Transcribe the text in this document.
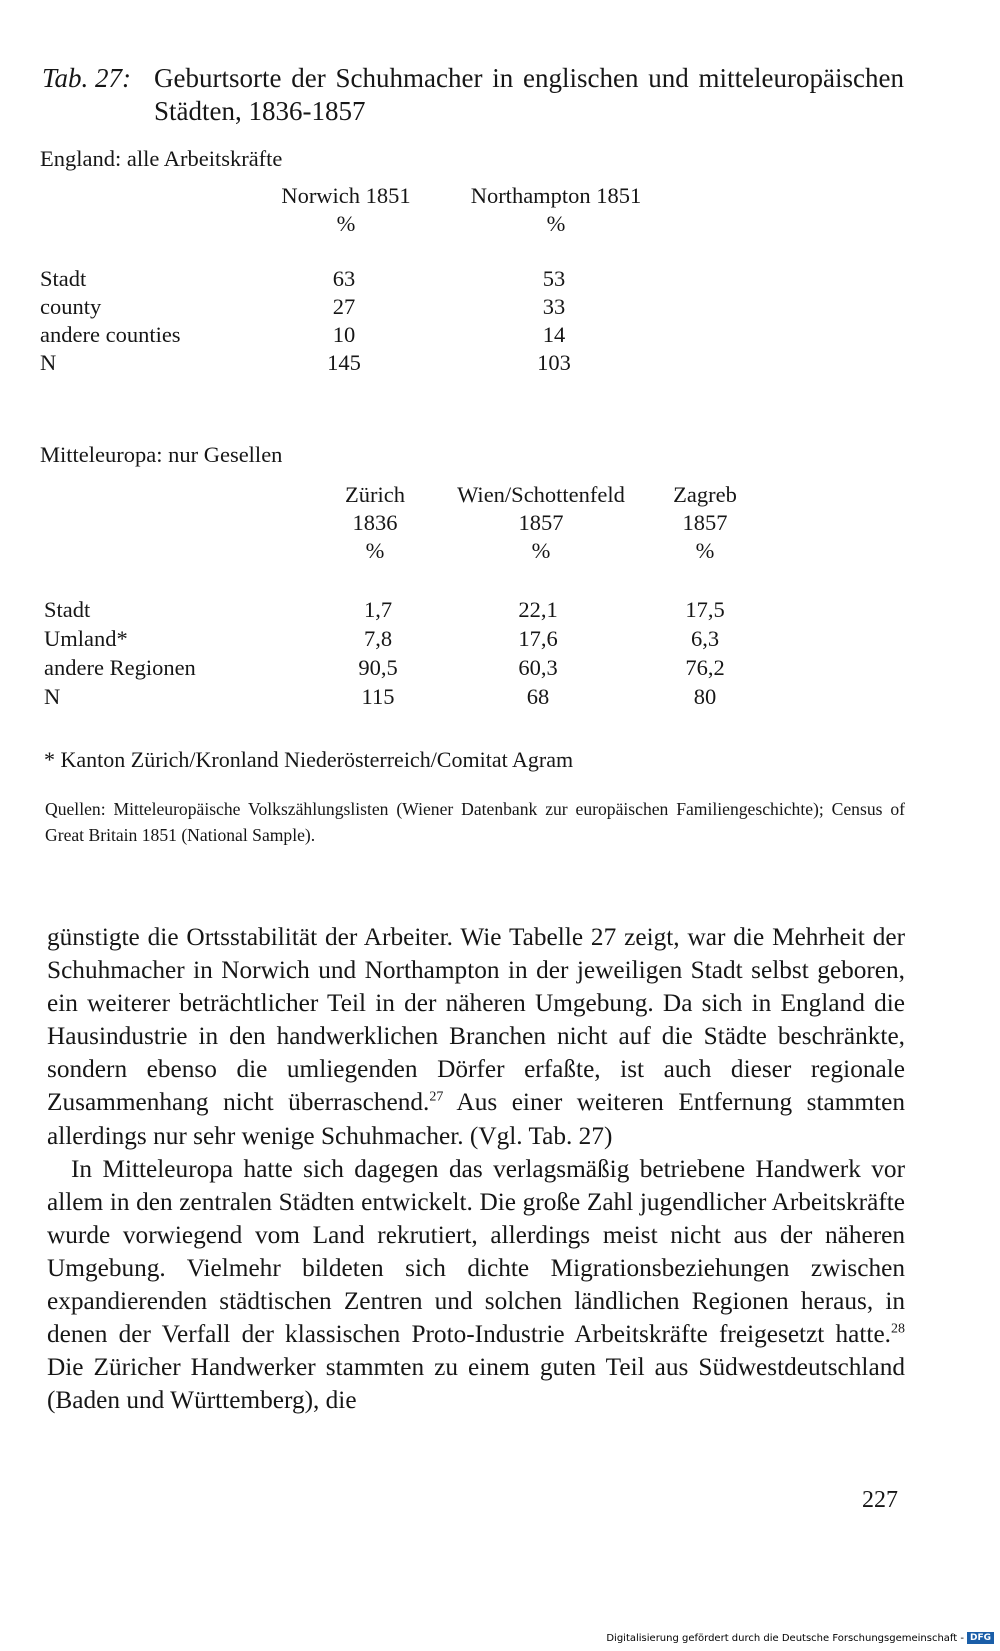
Tab. 27: Geburtsorte der Schuhmacher in englischen und mitteleuropäischen Städten, 1836-1857
England: alle Arbeitskräfte
Norwich 1851	Northampton 1851
%	%
Stadt	63	53
county	27	33
andere counties	10	14
N	145	103
Mitteleuropa: nur Gesellen
Zürich Wien/Schottenfeld Zagreb
1836	1857	1857
%	%	%
Stadt	1,7	22,1	17,5
Umland*	7,8	17,6	6,3
andere Regionen	90,5	60,3	76,2
N	115	68	80
* Kanton Zürich/Kronland Niederösterreich/Comitat Agram
Quellen: Mitteleuropäische Volkszählungslisten (Wiener Datenbank zur europäischen Familiengeschichte); Census of Great Britain 1851 (National Sample).

günstigte die Ortsstabilität der Arbeiter. Wie Tabelle 27 zeigt, war die Mehrheit der Schuhmacher in Norwich und Northampton in der jeweiligen Stadt selbst geboren, ein weiterer beträchtlicher Teil in der näheren Umgebung. Da sich in England die Hausindustrie in den handwerklichen Branchen nicht auf die Städte beschränkte, sondern ebenso die umliegenden Dörfer erfaßte, ist auch dieser regionale Zusammenhang nicht überraschend.$^{27}$ Aus einer weiteren Entfernung stammten allerdings nur sehr wenige Schuhmacher. (Vgl. Tab. 27)

In Mitteleuropa hatte sich dagegen das verlagsmäßig betriebene Handwerk vor allem in den zentralen Städten entwickelt. Die große Zahl jugendlicher Arbeitskräfte wurde vorwiegend vom Land rekrutiert, allerdings meist nicht aus der näheren Umgebung. Vielmehr bildeten sich dichte Migrationsbeziehungen zwischen expandierenden städtischen Zentren und solchen ländlichen Regionen heraus, in denen der Verfall der klassischen Proto-Industrie Arbeitskräfte freigesetzt hatte.$^{28}$ Die Züricher Handwerker stammten zu einem guten Teil aus Südwestdeutschland (Baden und Württemberg), die

227
Digitalisierung gefördert durch die Deutsche Forschungsgemeinschaft - DFG
